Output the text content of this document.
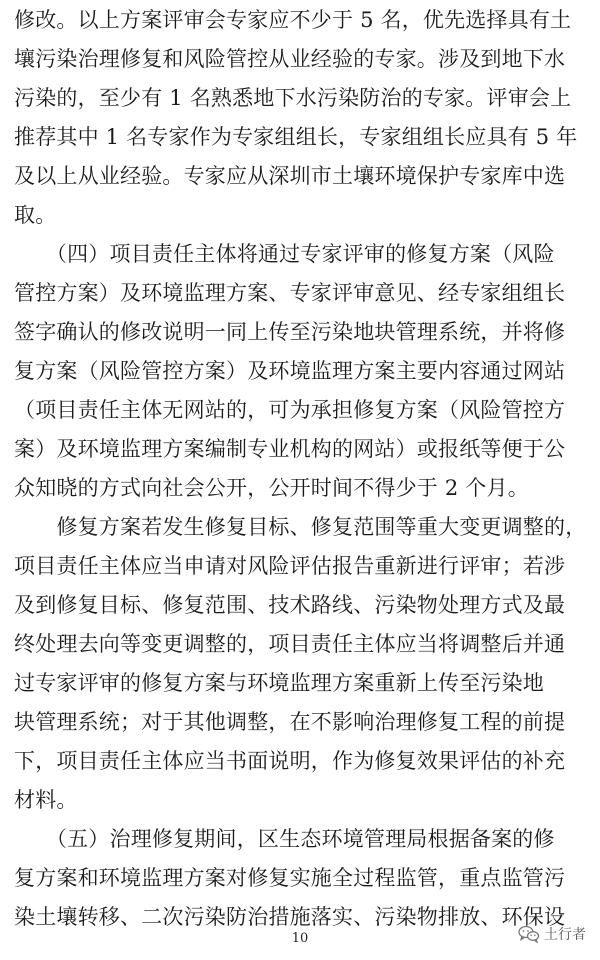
修改。以上方案评审会专家应不少于 5 名，优先选择具有土
壤污染治理修复和风险管控从业经验的专家。涉及到地下水
污染的，至少有 1 名熟悉地下水污染防治的专家。评审会上
推荐其中 1 名专家作为专家组组长，专家组组长应具有 5 年
及以上从业经验。专家应从深圳市土壤环境保护专家库中选
取。
　　（四）项目责任主体将通过专家评审的修复方案（风险
管控方案）及环境监理方案、专家评审意见、经专家组组长
签字确认的修改说明一同上传至污染地块管理系统，并将修
复方案（风险管控方案）及环境监理方案主要内容通过网站
（项目责任主体无网站的，可为承担修复方案（风险管控方
案）及环境监理方案编制专业机构的网站）或报纸等便于公
众知晓的方式向社会公开，公开时间不得少于 2 个月。
　　修复方案若发生修复目标、修复范围等重大变更调整的，
项目责任主体应当申请对风险评估报告重新进行评审；若涉
及到修复目标、修复范围、技术路线、污染物处理方式及最
终处理去向等变更调整的，项目责任主体应当将调整后并通
过专家评审的修复方案与环境监理方案重新上传至污染地
块管理系统；对于其他调整，在不影响治理修复工程的前提
下，项目责任主体应当书面说明，作为修复效果评估的补充
材料。
　　（五）治理修复期间，区生态环境管理局根据备案的修
复方案和环境监理方案对修复实施全过程监管，重点监管污
染土壤转移、二次污染防治措施落实、污染物排放、环保设
10	土行者
